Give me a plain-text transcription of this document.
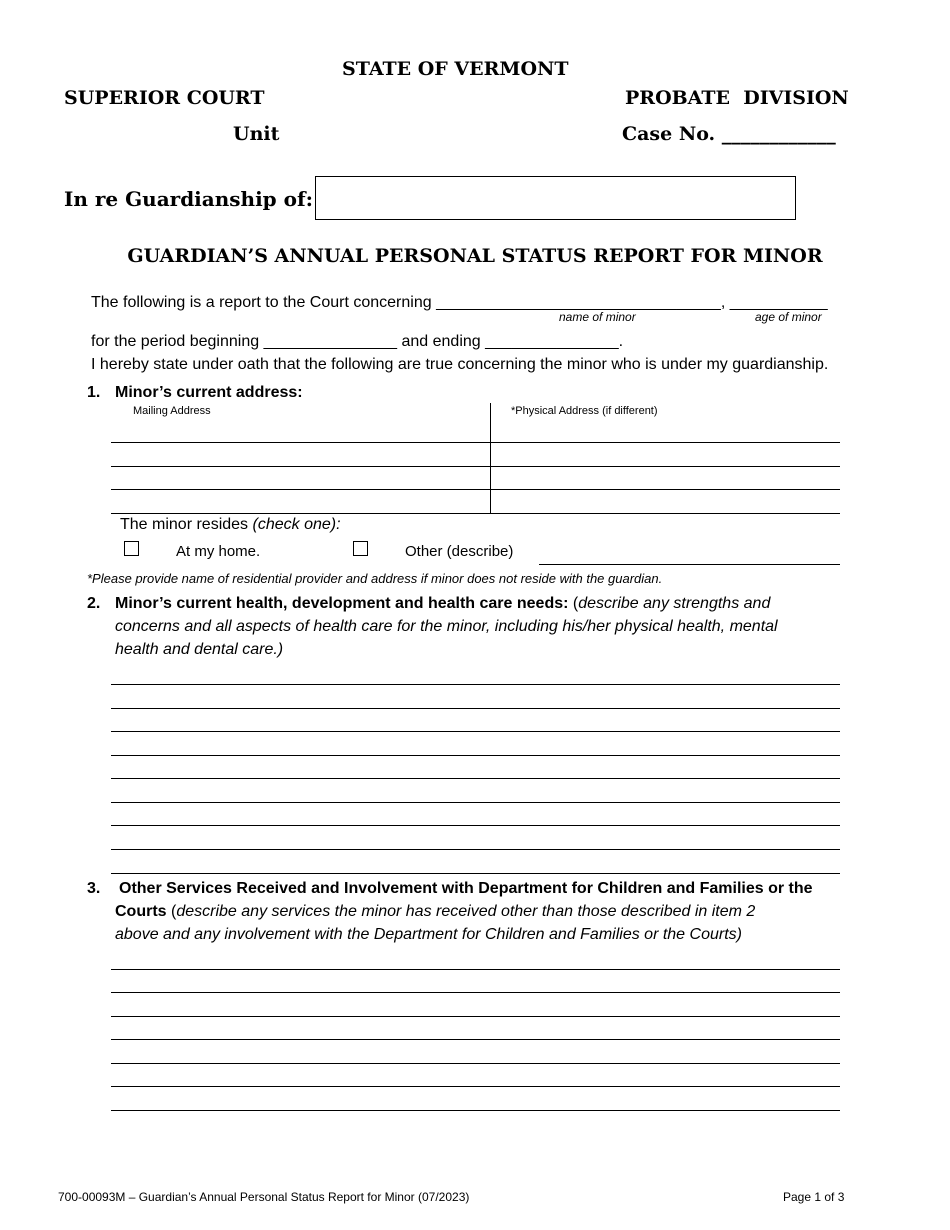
STATE OF VERMONT
SUPERIOR COURT	PROBATE  DIVISION
Unit	Case No. ____________
In re Guardianship of:
GUARDIAN’S ANNUAL PERSONAL STATUS REPORT FOR MINOR
The following is a report to the Court concerning ________________________________, ___________
name of minor	age of minor
for the period beginning _______________ and ending _______________.
I hereby state under oath that the following are true concerning the minor who is under my guardianship.
1. Minor’s current address:
Mailing Address	*Physical Address (if different)
The minor resides (check one):
At my home.	Other (describe)
*Please provide name of residential provider and address if minor does not reside with the guardian.
2. Minor’s current health, development and health care needs: (describe any strengths and
concerns and all aspects of health care for the minor, including his/her physical health, mental
health and dental care.)
3. Other Services Received and Involvement with Department for Children and Families or the
Courts (describe any services the minor has received other than those described in item 2
above and any involvement with the Department for Children and Families or the Courts)
700-00093M – Guardian’s Annual Personal Status Report for Minor (07/2023)	Page 1 of 3
